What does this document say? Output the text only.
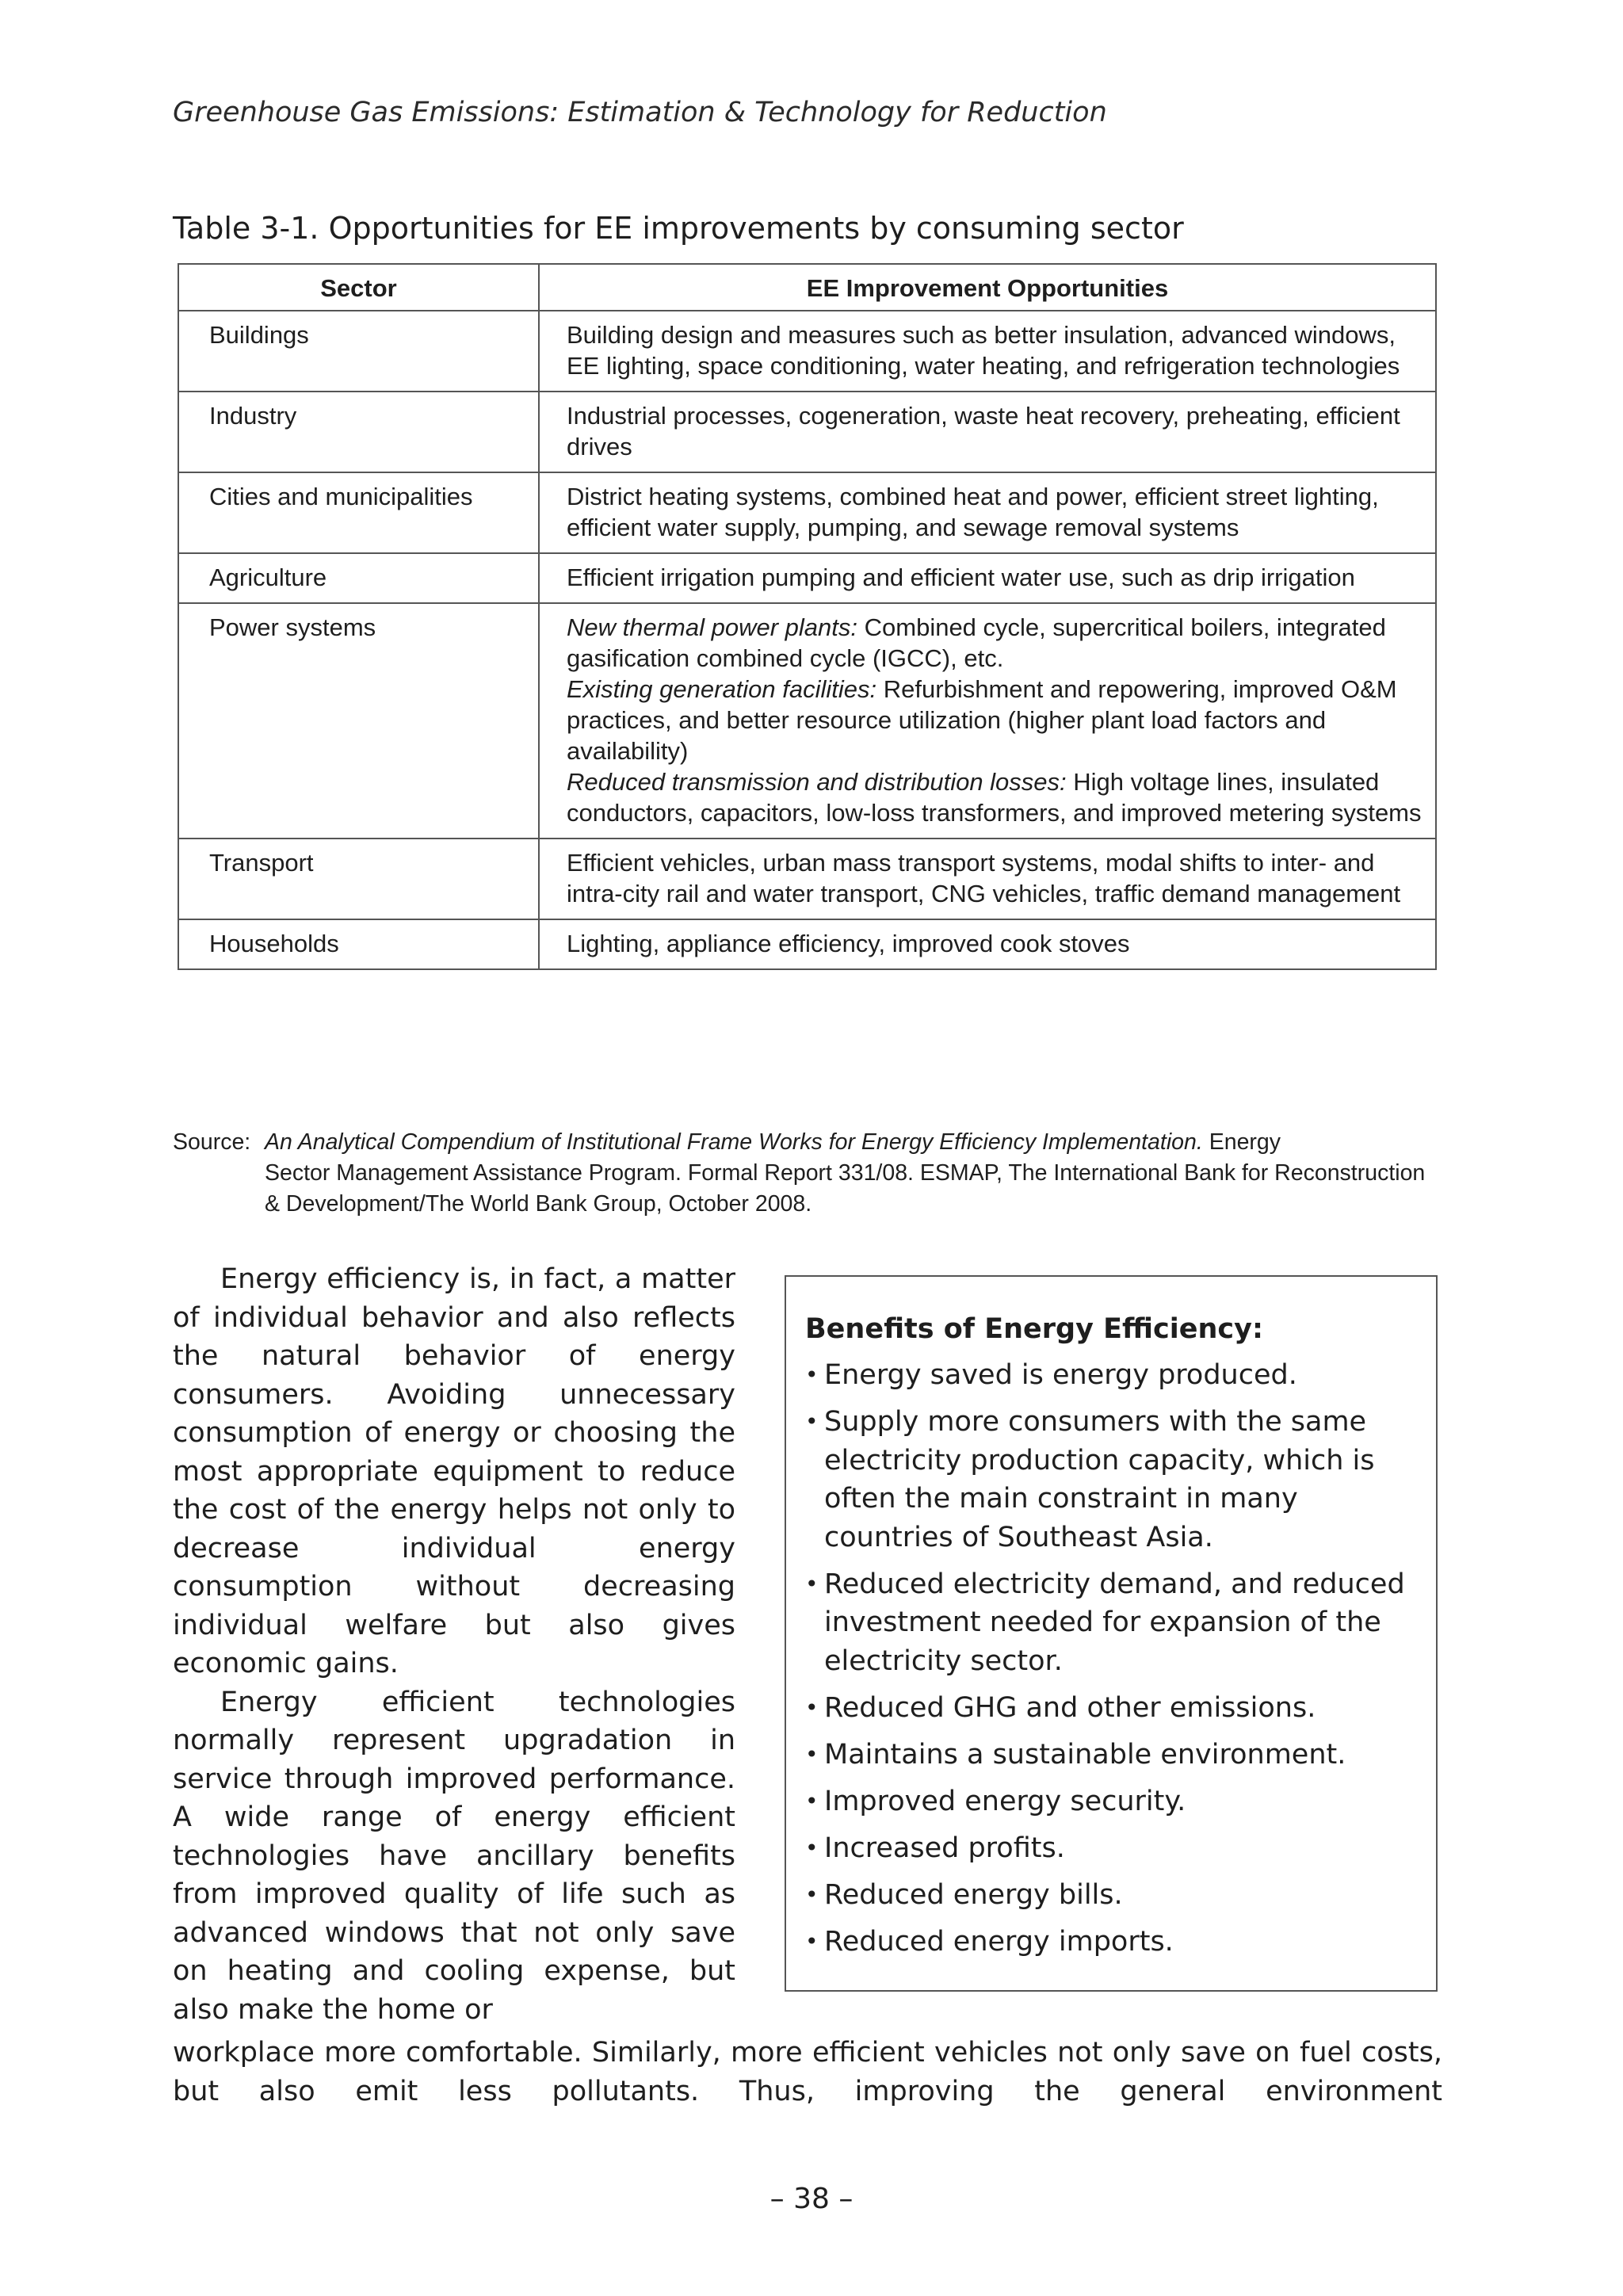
Greenhouse Gas Emissions: Estimation & Technology for Reduction
Table 3-1. Opportunities for EE improvements by consuming sector
Sector	EE Improvement Opportunities
Buildings	Building design and measures such as better insulation, advanced windows, EE lighting, space conditioning, water heating, and refrigeration technologies
Industry	Industrial processes, cogeneration, waste heat recovery, preheating, efficient drives
Cities and municipalities	District heating systems, combined heat and power, efficient street lighting, efficient water supply, pumping, and sewage removal systems
Agriculture	Efficient irrigation pumping and efficient water use, such as drip irrigation
Power systems	New thermal power plants: Combined cycle, supercritical boilers, integrated gasification combined cycle (IGCC), etc.
Existing generation facilities: Refurbishment and repowering, improved O&M practices, and better resource utilization (higher plant load factors and availability)
Reduced transmission and distribution losses: High voltage lines, insulated conductors, capacitors, low-loss transformers, and improved metering systems
Transport	Efficient vehicles, urban mass transport systems, modal shifts to inter- and intra-city rail and water transport, CNG vehicles, traffic demand management
Households	Lighting, appliance efficiency, improved cook stoves
Source: An Analytical Compendium of Institutional Frame Works for Energy Efficiency Implementation. Energy
Sector Management Assistance Program. Formal Report 331/08. ESMAP, The International Bank for Reconstruction & Development/The World Bank Group, October 2008.

Energy efficiency is, in fact, a matter of individual behavior and also reflects the natural behavior of energy consumers. Avoiding unnecessary consumption of energy or choosing the most appropriate equipment to reduce the cost of the energy helps not only to decrease individual energy consumption without decreasing individual welfare but also gives economic gains.

Energy efficient technologies normally represent upgradation in service through improved performance. A wide range of energy efficient technologies have ancillary benefits from improved quality of life such as advanced windows that not only save on heating and cooling expense, but also make the home or

Benefits of Energy Efficiency:
• Energy saved is energy produced.
• Supply more consumers with the same electricity production capacity, which is often the main constraint in many countries of Southeast Asia.
• Reduced electricity demand, and reduced investment needed for expansion of the electricity sector.
• Reduced GHG and other emissions.
• Maintains a sustainable environment.
• Improved energy security.
• Increased profits.
• Reduced energy bills.
• Reduced energy imports.
workplace more comfortable. Similarly, more efficient vehicles not only save on fuel costs, but also emit less pollutants. Thus, improving the general environment
– 38 –
